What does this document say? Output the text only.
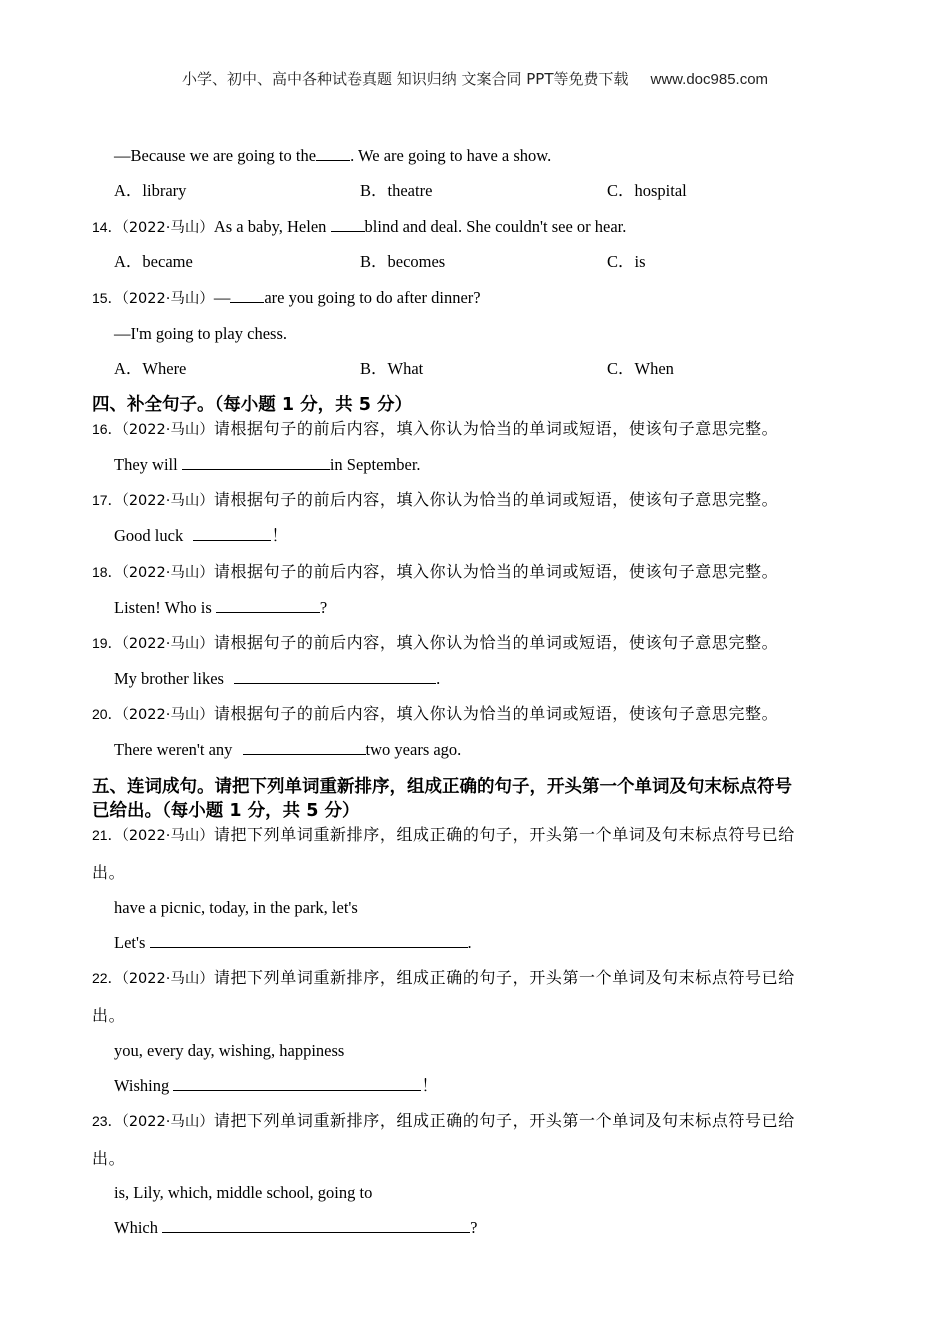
小学、初中、高中各种试卷真题 知识归纳 文案合同 PPT等免费下载 www.doc985.com
—Because we are going to the . We are going to have a show.
A．library	B．theatre	C．hospital
14．（2022·马山）As a baby, Helen blind and deal. She couldn't see or hear.
A．became	B．becomes	C．is
15．（2022·马山）— are you going to do after dinner?
—I'm going to play chess.
A．Where	B．What	C．When
四、补全句子。（每小题 1 分，共 5 分）
16．（2022·马山）请根据句子的前后内容，填入你认为恰当的单词或短语，使该句子意思完整。
They will	in September.
17．（2022·马山）请根据句子的前后内容，填入你认为恰当的单词或短语，使该句子意思完整。
Good luck	！
18．（2022·马山）请根据句子的前后内容，填入你认为恰当的单词或短语，使该句子意思完整。
Listen! Who is	?
19．（2022·马山）请根据句子的前后内容，填入你认为恰当的单词或短语，使该句子意思完整。
My brother likes	.
20．（2022·马山）请根据句子的前后内容，填入你认为恰当的单词或短语，使该句子意思完整。
There weren't any	two years ago.
五、连词成句。请把下列单词重新排序，组成正确的句子，开头第一个单词及句末标点符号
已给出。（每小题 1 分，共 5 分）
21．（2022·马山）请把下列单词重新排序，组成正确的句子，开头第一个单词及句末标点符号已给
出。
have a picnic, today, in the park, let's
Let's	.
22．（2022·马山）请把下列单词重新排序，组成正确的句子，开头第一个单词及句末标点符号已给
出。
you, every day, wishing, happiness
Wishing	！
23．（2022·马山）请把下列单词重新排序，组成正确的句子，开头第一个单词及句末标点符号已给
出。
is, Lily, which, middle school, going to
Which	?
